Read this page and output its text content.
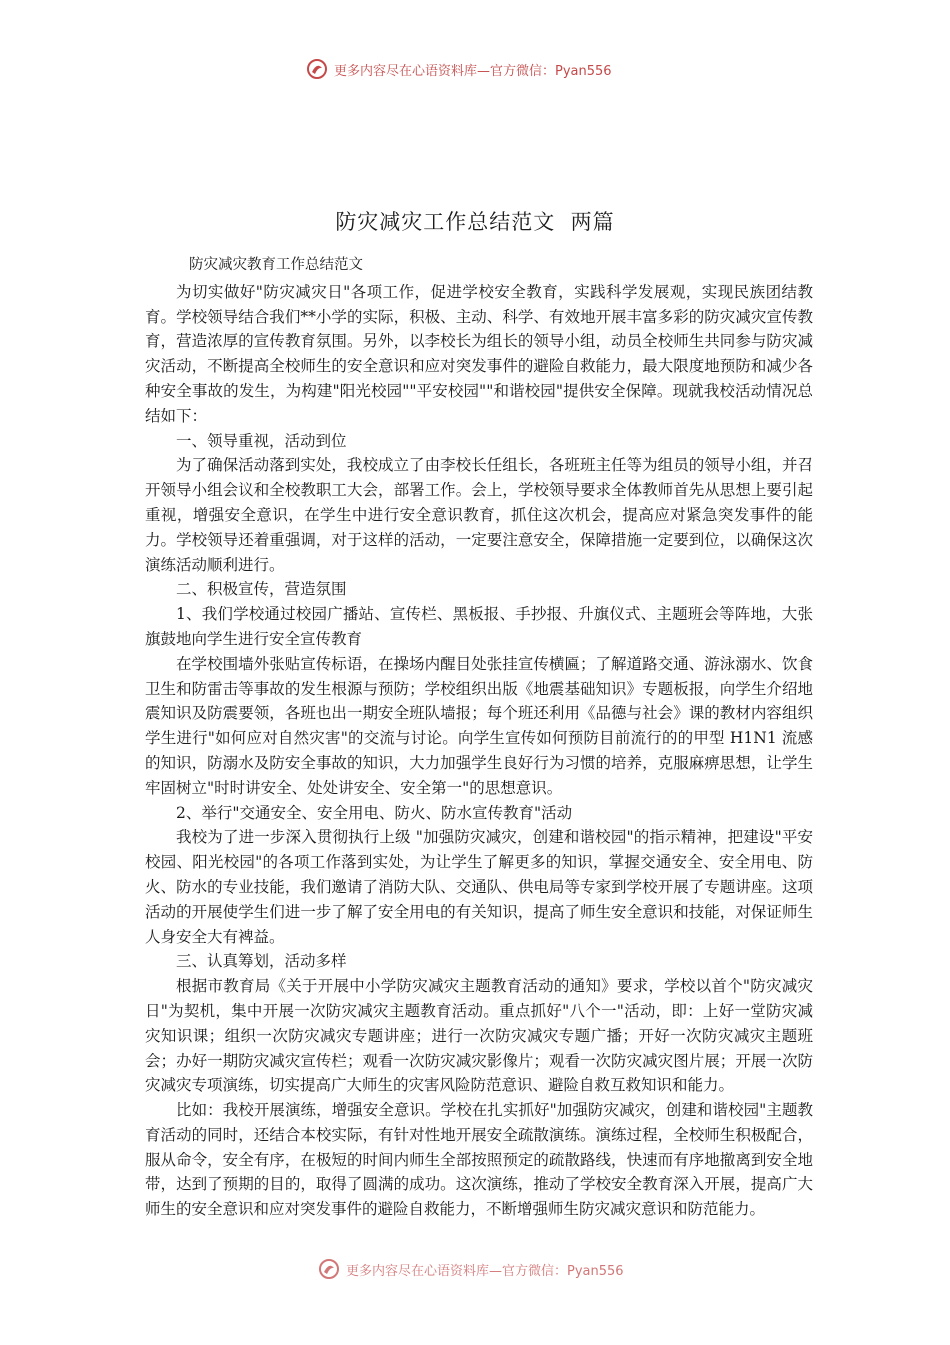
更多内容尽在心语资料库—官方微信：Pyan556
防灾减灾工作总结范文  两篇

防灾减灾教育工作总结范文

为切实做好"防灾减灾日"各项工作，促进学校安全教育，实践科学发展观，实现民族团结教育。学校领导结合我们**小学的实际，积极、主动、科学、有效地开展丰富多彩的防灾减灾宣传教育，营造浓厚的宣传教育氛围。另外，以李校长为组长的领导小组，动员全校师生共同参与防灾减灾活动，不断提高全校师生的安全意识和应对突发事件的避险自救能力，最大限度地预防和减少各种安全事故的发生，为构建"阳光校园""平安校园""和谐校园"提供安全保障。现就我校活动情况总结如下：

一、领导重视，活动到位

为了确保活动落到实处，我校成立了由李校长任组长，各班班主任等为组员的领导小组，并召开领导小组会议和全校教职工大会，部署工作。会上，学校领导要求全体教师首先从思想上要引起重视，增强安全意识，在学生中进行安全意识教育，抓住这次机会，提高应对紧急突发事件的能力。学校领导还着重强调，对于这样的活动，一定要注意安全，保障措施一定要到位，以确保这次演练活动顺利进行。

二、积极宣传，营造氛围

1、我们学校通过校园广播站、宣传栏、黑板报、手抄报、升旗仪式、主题班会等阵地，大张旗鼓地向学生进行安全宣传教育

在学校围墙外张贴宣传标语，在操场内醒目处张挂宣传横匾；了解道路交通、游泳溺水、饮食卫生和防雷击等事故的发生根源与预防；学校组织出版《地震基础知识》专题板报，向学生介绍地震知识及防震要领，各班也出一期安全班队墙报；每个班还利用《品德与社会》课的教材内容组织学生进行"如何应对自然灾害"的交流与讨论。向学生宣传如何预防目前流行的的甲型 H1N1 流感的知识，防溺水及防安全事故的知识，大力加强学生良好行为习惯的培养，克服麻痹思想，让学生牢固树立"时时讲安全、处处讲安全、安全第一"的思想意识。

2、举行"交通安全、安全用电、防火、防水宣传教育"活动

我校为了进一步深入贯彻执行上级 "加强防灾减灾，创建和谐校园"的指示精神，把建设"平安校园、阳光校园"的各项工作落到实处，为让学生了解更多的知识，掌握交通安全、安全用电、防火、防水的专业技能，我们邀请了消防大队、交通队、供电局等专家到学校开展了专题讲座。这项活动的开展使学生们进一步了解了安全用电的有关知识，提高了师生安全意识和技能，对保证师生人身安全大有裨益。

三、认真筹划，活动多样

根据市教育局《关于开展中小学防灾减灾主题教育活动的通知》要求，学校以首个"防灾减灾日"为契机，集中开展一次防灾减灾主题教育活动。重点抓好"八个一"活动，即：上好一堂防灾减灾知识课；组织一次防灾减灾专题讲座；进行一次防灾减灾专题广播；开好一次防灾减灾主题班会；办好一期防灾减灾宣传栏；观看一次防灾减灾影像片；观看一次防灾减灾图片展；开展一次防灾减灾专项演练，切实提高广大师生的灾害风险防范意识、避险自救互救知识和能力。

比如：我校开展演练，增强安全意识。学校在扎实抓好"加强防灾减灾，创建和谐校园"主题教育活动的同时，还结合本校实际，有针对性地开展安全疏散演练。演练过程，全校师生积极配合，服从命令，安全有序，在极短的时间内师生全部按照预定的疏散路线，快速而有序地撤离到安全地带，达到了预期的目的，取得了圆满的成功。这次演练，推动了学校安全教育深入开展，提高广大师生的安全意识和应对突发事件的避险自救能力，不断增强师生防灾减灾意识和防范能力。

更多内容尽在心语资料库—官方微信：Pyan556
